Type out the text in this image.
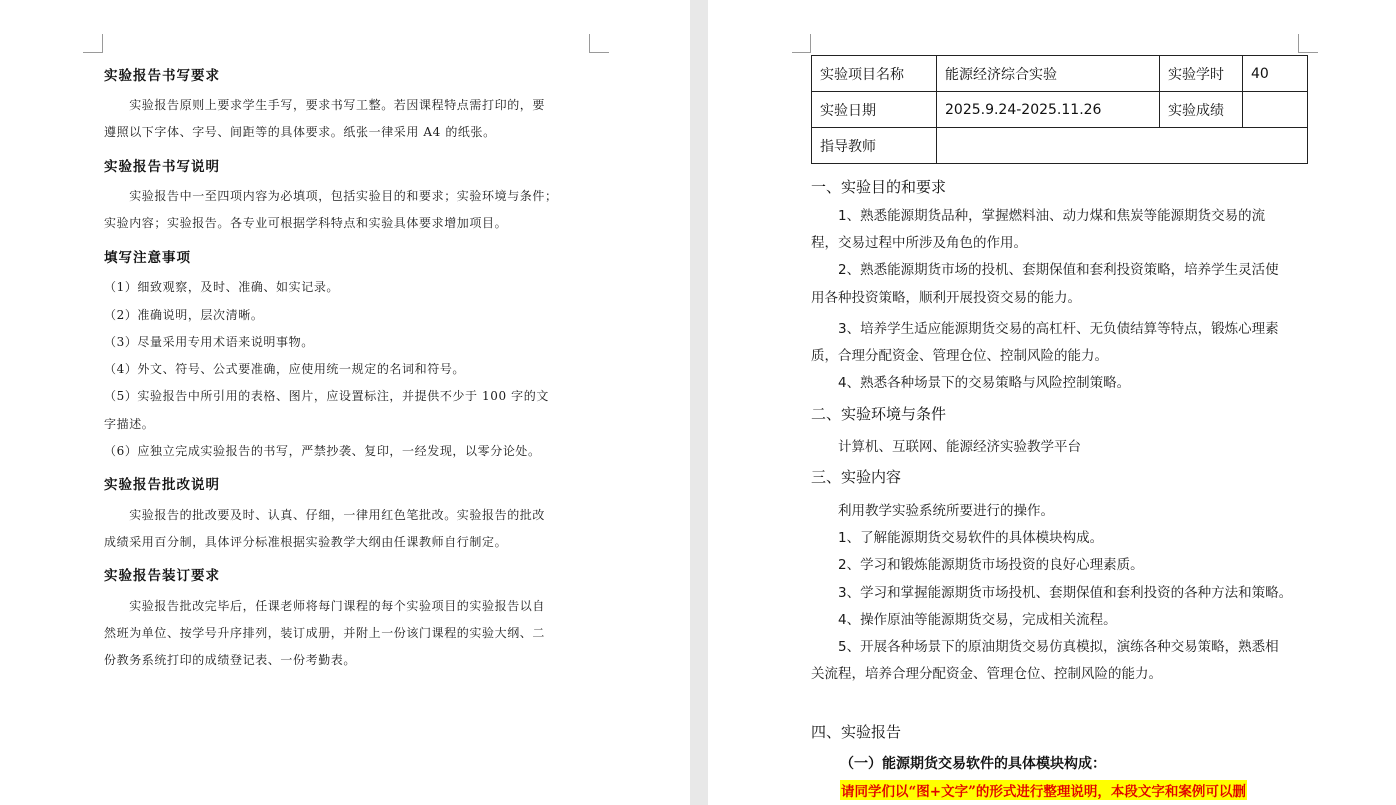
实验报告书写要求
　　实验报告原则上要求学生手写，要求书写工整。若因课程特点需打印的，要
遵照以下字体、字号、间距等的具体要求。纸张一律采用 A4 的纸张。
实验报告书写说明
　　实验报告中一至四项内容为必填项，包括实验目的和要求；实验环境与条件；
实验内容；实验报告。各专业可根据学科特点和实验具体要求增加项目。
填写注意事项
（1）细致观察，及时、准确、如实记录。
（2）准确说明，层次清晰。
（3）尽量采用专用术语来说明事物。
（4）外文、符号、公式要准确，应使用统一规定的名词和符号。
（5）实验报告中所引用的表格、图片，应设置标注，并提供不少于 100 字的文
字描述。
（6）应独立完成实验报告的书写，严禁抄袭、复印，一经发现，以零分论处。
实验报告批改说明
　　实验报告的批改要及时、认真、仔细，一律用红色笔批改。实验报告的批改
成绩采用百分制，具体评分标准根据实验教学大纲由任课教师自行制定。
实验报告装订要求
　　实验报告批改完毕后，任课老师将每门课程的每个实验项目的实验报告以自
然班为单位、按学号升序排列，装订成册，并附上一份该门课程的实验大纲、二
份教务系统打印的成绩登记表、一份考勤表。
实验项目名称	能源经济综合实验	实验学时	40
实验日期	2025.9.24-2025.11.26	实验成绩	
指导教师			
一、实验目的和要求
　　1、熟悉能源期货品种，掌握燃料油、动力煤和焦炭等能源期货交易的流
程，交易过程中所涉及角色的作用。
　　2、熟悉能源期货市场的投机、套期保值和套利投资策略，培养学生灵活使
用各种投资策略，顺利开展投资交易的能力。
　　3、培养学生适应能源期货交易的高杠杆、无负债结算等特点，锻炼心理素
质，合理分配资金、管理仓位、控制风险的能力。
　　4、熟悉各种场景下的交易策略与风险控制策略。
二、实验环境与条件
　　计算机、互联网、能源经济实验教学平台
三、实验内容
　　利用教学实验系统所要进行的操作。
　　1、了解能源期货交易软件的具体模块构成。
　　2、学习和锻炼能源期货市场投资的良好心理素质。
　　3、学习和掌握能源期货市场投机、套期保值和套利投资的各种方法和策略。
　　4、操作原油等能源期货交易，完成相关流程。
　　5、开展各种场景下的原油期货交易仿真模拟，演练各种交易策略，熟悉相
关流程，培养合理分配资金、管理仓位、控制风险的能力。
四、实验报告
（一）能源期货交易软件的具体模块构成：
请同学们以“图+文字”的形式进行整理说明，本段文字和案例可以删
